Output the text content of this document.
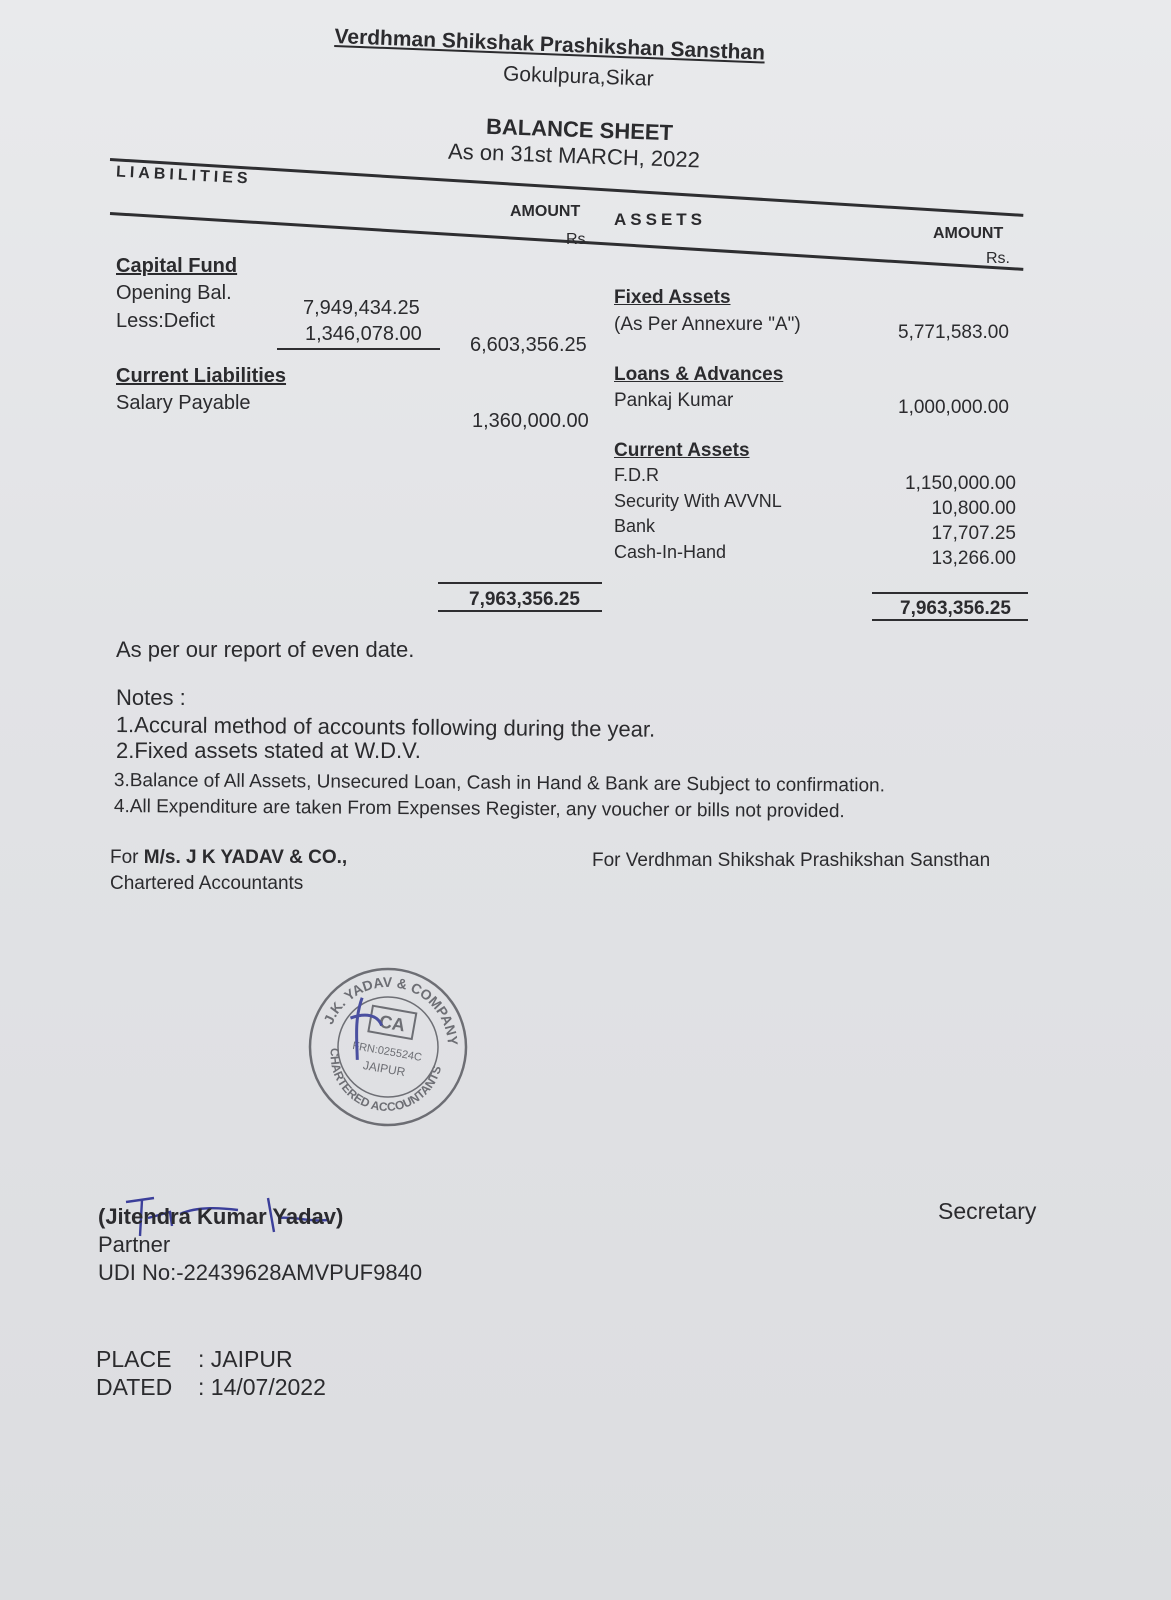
Verdhman Shikshak Prashikshan Sansthan
Gokulpura,Sikar
BALANCE SHEET
As on 31st MARCH, 2022
LIABILITIES
AMOUNT
Rs.
ASSETS
AMOUNT
Rs.
Capital Fund
Opening Bal.
7,949,434.25
Less:Defict
1,346,078.00 6,603,356.25
Current Liabilities
Salary Payable
1,360,000.00
7,963,356.25
Fixed Assets
(As Per Annexure "A")	5,771,583.00
Loans & Advances
Pankaj Kumar	1,000,000.00
Current Assets
F.D.R
Security With AVVNL
Bank
Cash-In-Hand
1,150,000.00
10,800.00
17,707.25
13,266.00
7,963,356.25
As per our report of even date.
Notes :
1.Accural method of accounts following during the year.
2.Fixed assets stated at W.D.V.
3.Balance of All Assets, Unsecured Loan, Cash in Hand & Bank are Subject to confirmation.
4.All Expenditure are taken From Expenses Register, any voucher or bills not provided.
For M/s. J K YADAV & CO.,
Chartered Accountants
For Verdhman Shikshak Prashikshan Sansthan
J.K. YADAV & COMPANY
CHARTERED ACCOUNTANTS
CA
FRN:025524C
JAIPUR
(Jitendra Kumar Yadav)
Partner
UDI No:-22439628AMVPUF9840
Secretary
PLACE : JAIPUR
DATED : 14/07/2022
